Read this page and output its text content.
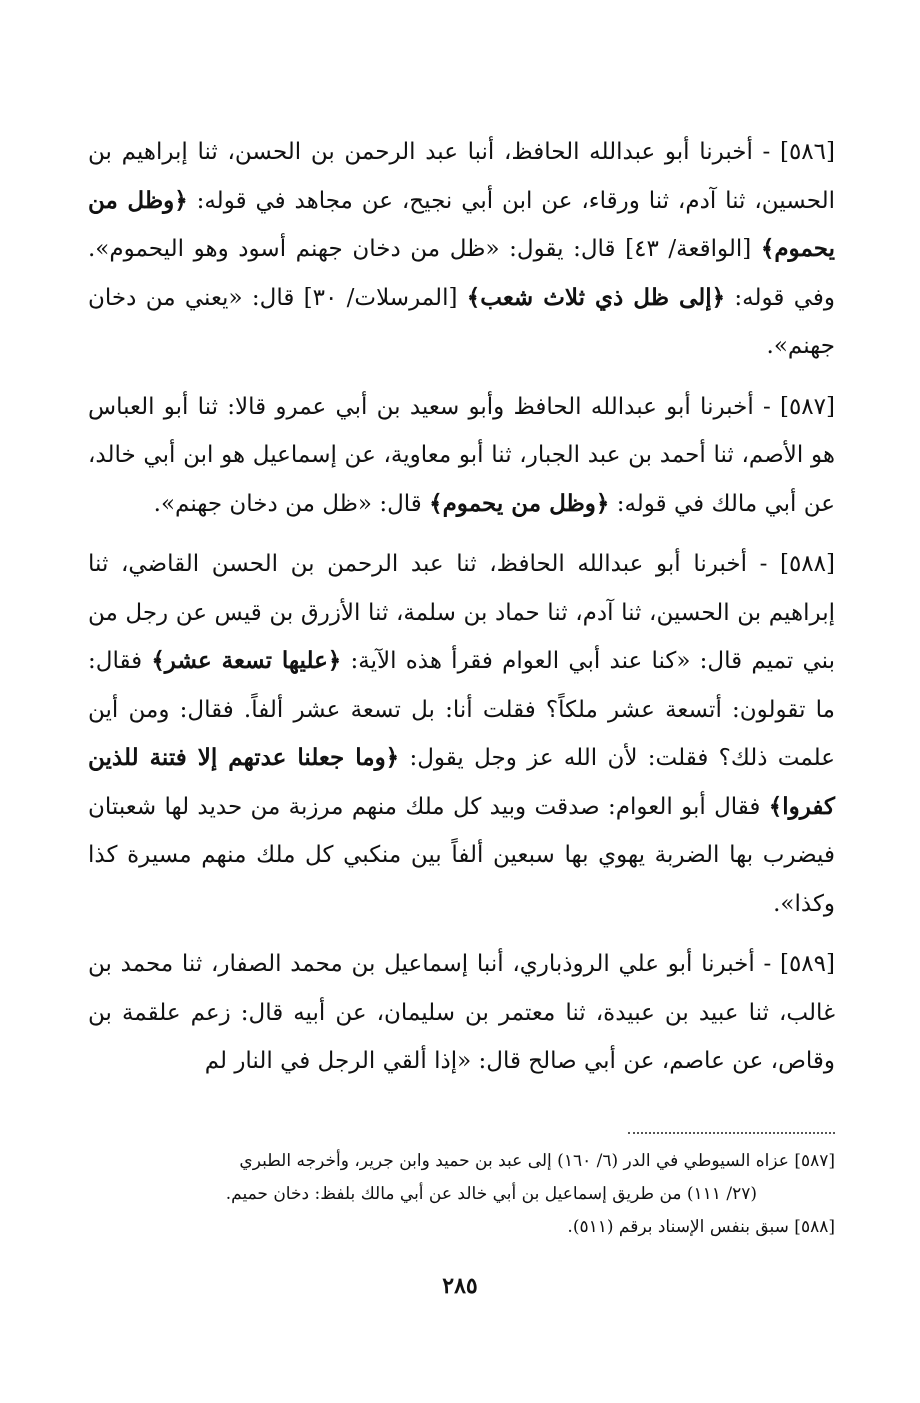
[٥٨٦] - أخبرنا أبو عبدالله الحافظ، أنبا عبد الرحمن بن الحسن، ثنا إبراهيم بن الحسين، ثنا آدم، ثنا ورقاء، عن ابن أبي نجيح، عن مجاهد في قوله: ﴿وظل من يحموم﴾ [الواقعة/ ٤٣] قال: يقول: «ظل من دخان جهنم أسود وهو اليحموم». وفي قوله: ﴿إلى ظل ذي ثلاث شعب﴾ [المرسلات/ ٣٠] قال: «يعني من دخان جهنم».

[٥٨٧] - أخبرنا أبو عبدالله الحافظ وأبو سعيد بن أبي عمرو قالا: ثنا أبو العباس هو الأصم، ثنا أحمد بن عبد الجبار، ثنا أبو معاوية، عن إسماعيل هو ابن أبي خالد، عن أبي مالك في قوله: ﴿وظل من يحموم﴾ قال: «ظل من دخان جهنم».

[٥٨٨] - أخبرنا أبو عبدالله الحافظ، ثنا عبد الرحمن بن الحسن القاضي، ثنا إبراهيم بن الحسين، ثنا آدم، ثنا حماد بن سلمة، ثنا الأزرق بن قيس عن رجل من بني تميم قال: «كنا عند أبي العوام فقرأ هذه الآية: ﴿عليها تسعة عشر﴾ فقال: ما تقولون: أتسعة عشر ملكاً؟ فقلت أنا: بل تسعة عشر ألفاً. فقال: ومن أين علمت ذلك؟ فقلت: لأن الله عز وجل يقول: ﴿وما جعلنا عدتهم إلا فتنة للذين كفروا﴾ فقال أبو العوام: صدقت وبيد كل ملك منهم مرزبة من حديد لها شعبتان فيضرب بها الضربة يهوي بها سبعين ألفاً بين منكبي كل ملك منهم مسيرة كذا وكذا».

[٥٨٩] - أخبرنا أبو علي الروذباري، أنبا إسماعيل بن محمد الصفار، ثنا محمد بن غالب، ثنا عبيد بن عبيدة، ثنا معتمر بن سليمان، عن أبيه قال: زعم علقمة بن وقاص، عن عاصم، عن أبي صالح قال: «إذا ألقي الرجل في النار لم

[٥٨٧] عزاه السيوطي في الدر (٦/ ١٦٠) إلى عبد بن حميد وابن جرير، وأخرجه الطبري

(٢٧/ ١١١) من طريق إسماعيل بن أبي خالد عن أبي مالك بلفظ: دخان حميم.

[٥٨٨] سبق بنفس الإسناد برقم (٥١١).

٢٨٥
